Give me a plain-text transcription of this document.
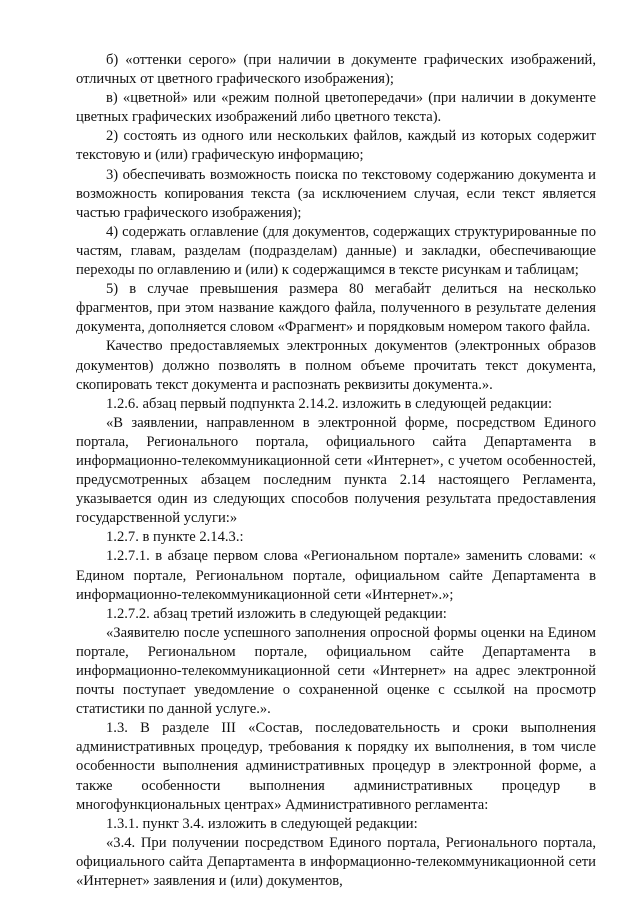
б) «оттенки серого» (при наличии в документе графических изображений, отличных от цветного графического изображения);

в) «цветной» или «режим полной цветопередачи» (при наличии в документе цветных графических изображений либо цветного текста).

2) состоять из одного или нескольких файлов, каждый из которых содержит текстовую и (или) графическую информацию;

3) обеспечивать возможность поиска по текстовому содержанию документа и возможность копирования текста (за исключением случая, если текст является частью графического изображения);

4) содержать оглавление (для документов, содержащих структурированные по частям, главам, разделам (подразделам) данные) и закладки, обеспечивающие переходы по оглавлению и (или) к содержащимся в тексте рисункам и таблицам;

5) в случае превышения размера 80 мегабайт делиться на несколько фрагментов, при этом название каждого файла, полученного в результате деления документа, дополняется словом «Фрагмент» и порядковым номером такого файла.

Качество предоставляемых электронных документов (электронных образов документов) должно позволять в полном объеме прочитать текст документа, скопировать текст документа и распознать реквизиты документа.».

1.2.6. абзац первый подпункта 2.14.2. изложить в следующей редакции:

«В заявлении, направленном в электронной форме, посредством Единого портала, Регионального портала, официального сайта Департамента в информационно-телекоммуникационной сети «Интернет», с учетом особенностей, предусмотренных абзацем последним пункта 2.14 настоящего Регламента, указывается один из следующих способов получения результата предоставления государственной услуги:»

1.2.7. в пункте 2.14.3.:

1.2.7.1. в абзаце первом слова «Региональном портале» заменить словами: « Едином портале, Региональном портале, официальном сайте Департамента в информационно-телекоммуникационной сети «Интернет».»;

1.2.7.2. абзац третий изложить в следующей редакции:

«Заявителю после успешного заполнения опросной формы оценки на Едином портале, Региональном портале, официальном сайте Департамента в информационно-телекоммуникационной сети «Интернет» на адрес электронной почты поступает уведомление о сохраненной оценке с ссылкой на просмотр статистики по данной услуге.».

1.3. В разделе III «Состав, последовательность и сроки выполнения административных процедур, требования к порядку их выполнения, в том числе особенности выполнения административных процедур в электронной форме, а также особенности выполнения административных процедур в многофункциональных центрах» Административного регламента:

1.3.1. пункт 3.4. изложить в следующей редакции:

«3.4. При получении посредством Единого портала, Регионального портала, официального сайта Департамента в информационно-телекоммуникационной сети «Интернет» заявления и (или) документов,
